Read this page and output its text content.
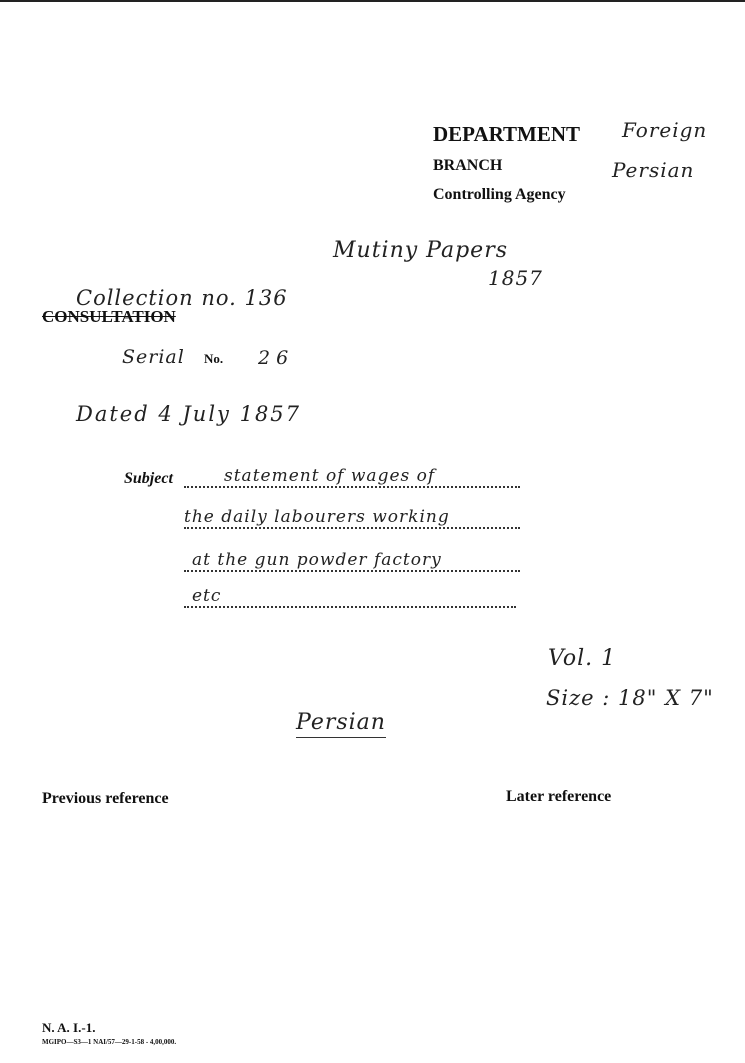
DEPARTMENT Foreign
BRANCH	Persian
Controlling Agency
Mutiny Papers
1857
Collection no. 136
CONSULTATION
Serial No. 26
Dated 4 July 1857
Subject	statement of wages of
the daily labourers working
at the gun powder factory
etc
Vol. 1
Size : 18" X 7"
Persian
Previous reference	Later reference
N. A. I.-1.
MGIPO—S3—1 NAI/57—29-1-58 - 4,00,000.
